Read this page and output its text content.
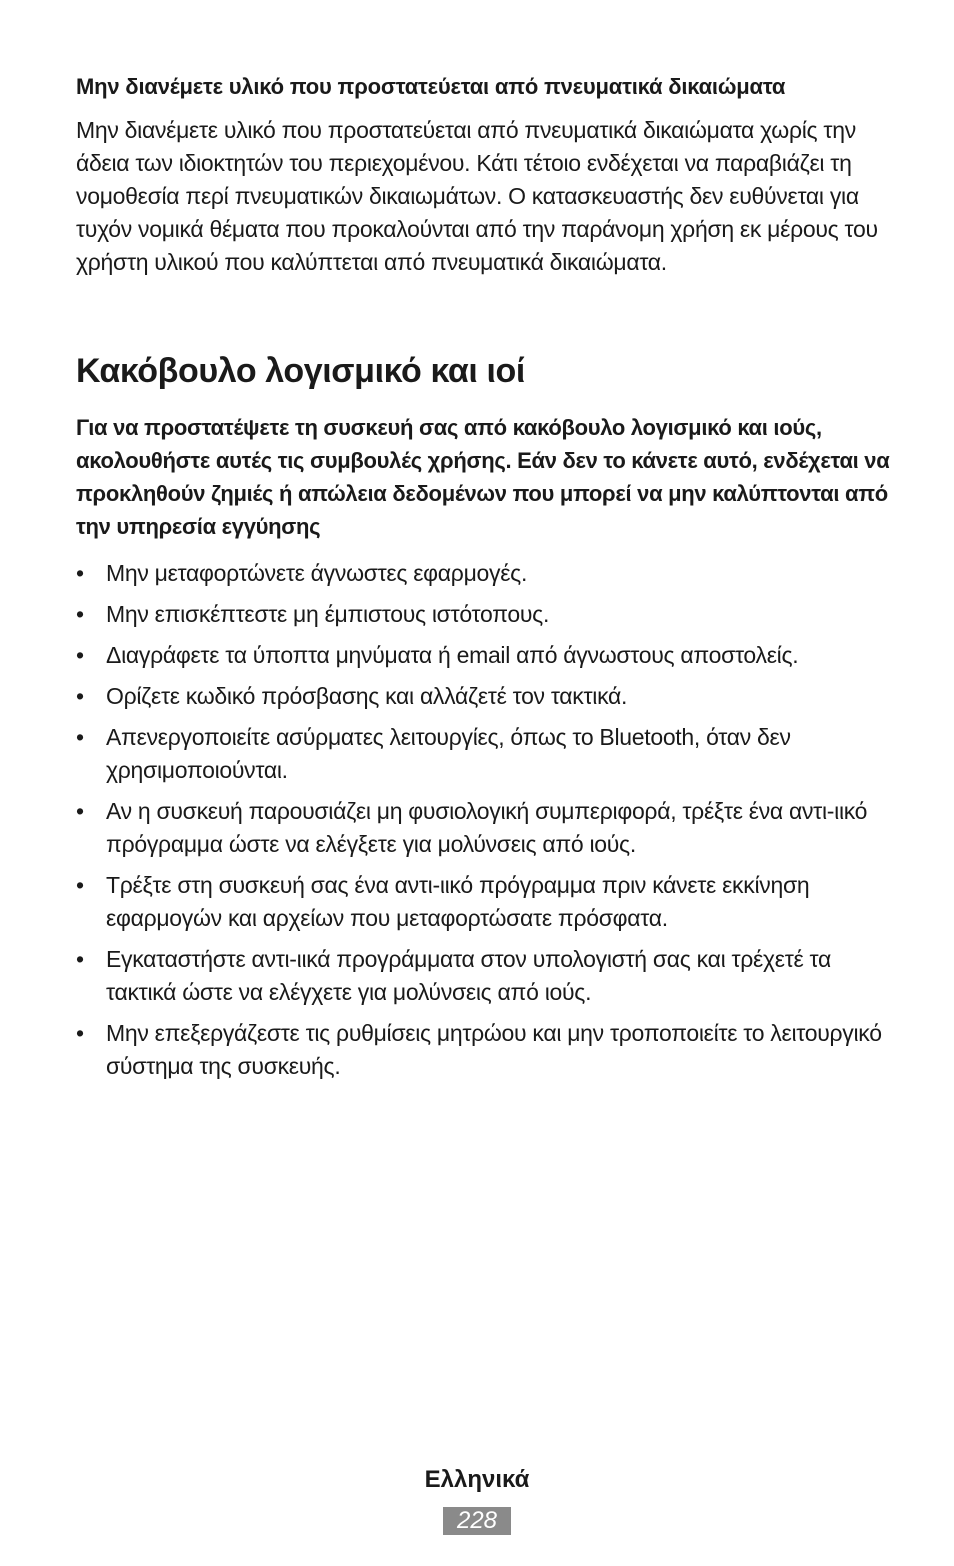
Μην διανέμετε υλικό που προστατεύεται από πνευματικά δικαιώματα

Μην διανέμετε υλικό που προστατεύεται από πνευματικά δικαιώματα χωρίς την άδεια των ιδιοκτητών του περιεχομένου. Κάτι τέτοιο ενδέχεται να παραβιάζει τη νομοθεσία περί πνευματικών δικαιωμάτων. Ο κατασκευαστής δεν ευθύνεται για τυχόν νομικά θέματα που προκαλούνται από την παράνομη χρήση εκ μέρους του χρήστη υλικού που καλύπτεται από πνευματικά δικαιώματα.

Κακόβουλο λογισμικό και ιοί

Για να προστατέψετε τη συσκευή σας από κακόβουλο λογισμικό και ιούς, ακολουθήστε αυτές τις συμβουλές χρήσης. Εάν δεν το κάνετε αυτό, ενδέχεται να προκληθούν ζημιές ή απώλεια δεδομένων που μπορεί να μην καλύπτονται από την υπηρεσία εγγύησης

• Μην μεταφορτώνετε άγνωστες εφαρμογές.
• Μην επισκέπτεστε μη έμπιστους ιστότοπους.
• Διαγράφετε τα ύποπτα μηνύματα ή email από άγνωστους αποστολείς.
• Ορίζετε κωδικό πρόσβασης και αλλάζετέ τον τακτικά.
• Απενεργοποιείτε ασύρματες λειτουργίες, όπως το Bluetooth, όταν δεν χρησιμοποιούνται.
• Αν η συσκευή παρουσιάζει μη φυσιολογική συμπεριφορά, τρέξτε ένα αντι-ιικό πρόγραμμα ώστε να ελέγξετε για μολύνσεις από ιούς.
• Τρέξτε στη συσκευή σας ένα αντι-ιικό πρόγραμμα πριν κάνετε εκκίνηση εφαρμογών και αρχείων που μεταφορτώσατε πρόσφατα.
• Εγκαταστήστε αντι-ιικά προγράμματα στον υπολογιστή σας και τρέχετέ τα τακτικά ώστε να ελέγχετε για μολύνσεις από ιούς.
• Μην επεξεργάζεστε τις ρυθμίσεις μητρώου και μην τροποποιείτε το λειτουργικό σύστημα της συσκευής.
Ελληνικά
228
